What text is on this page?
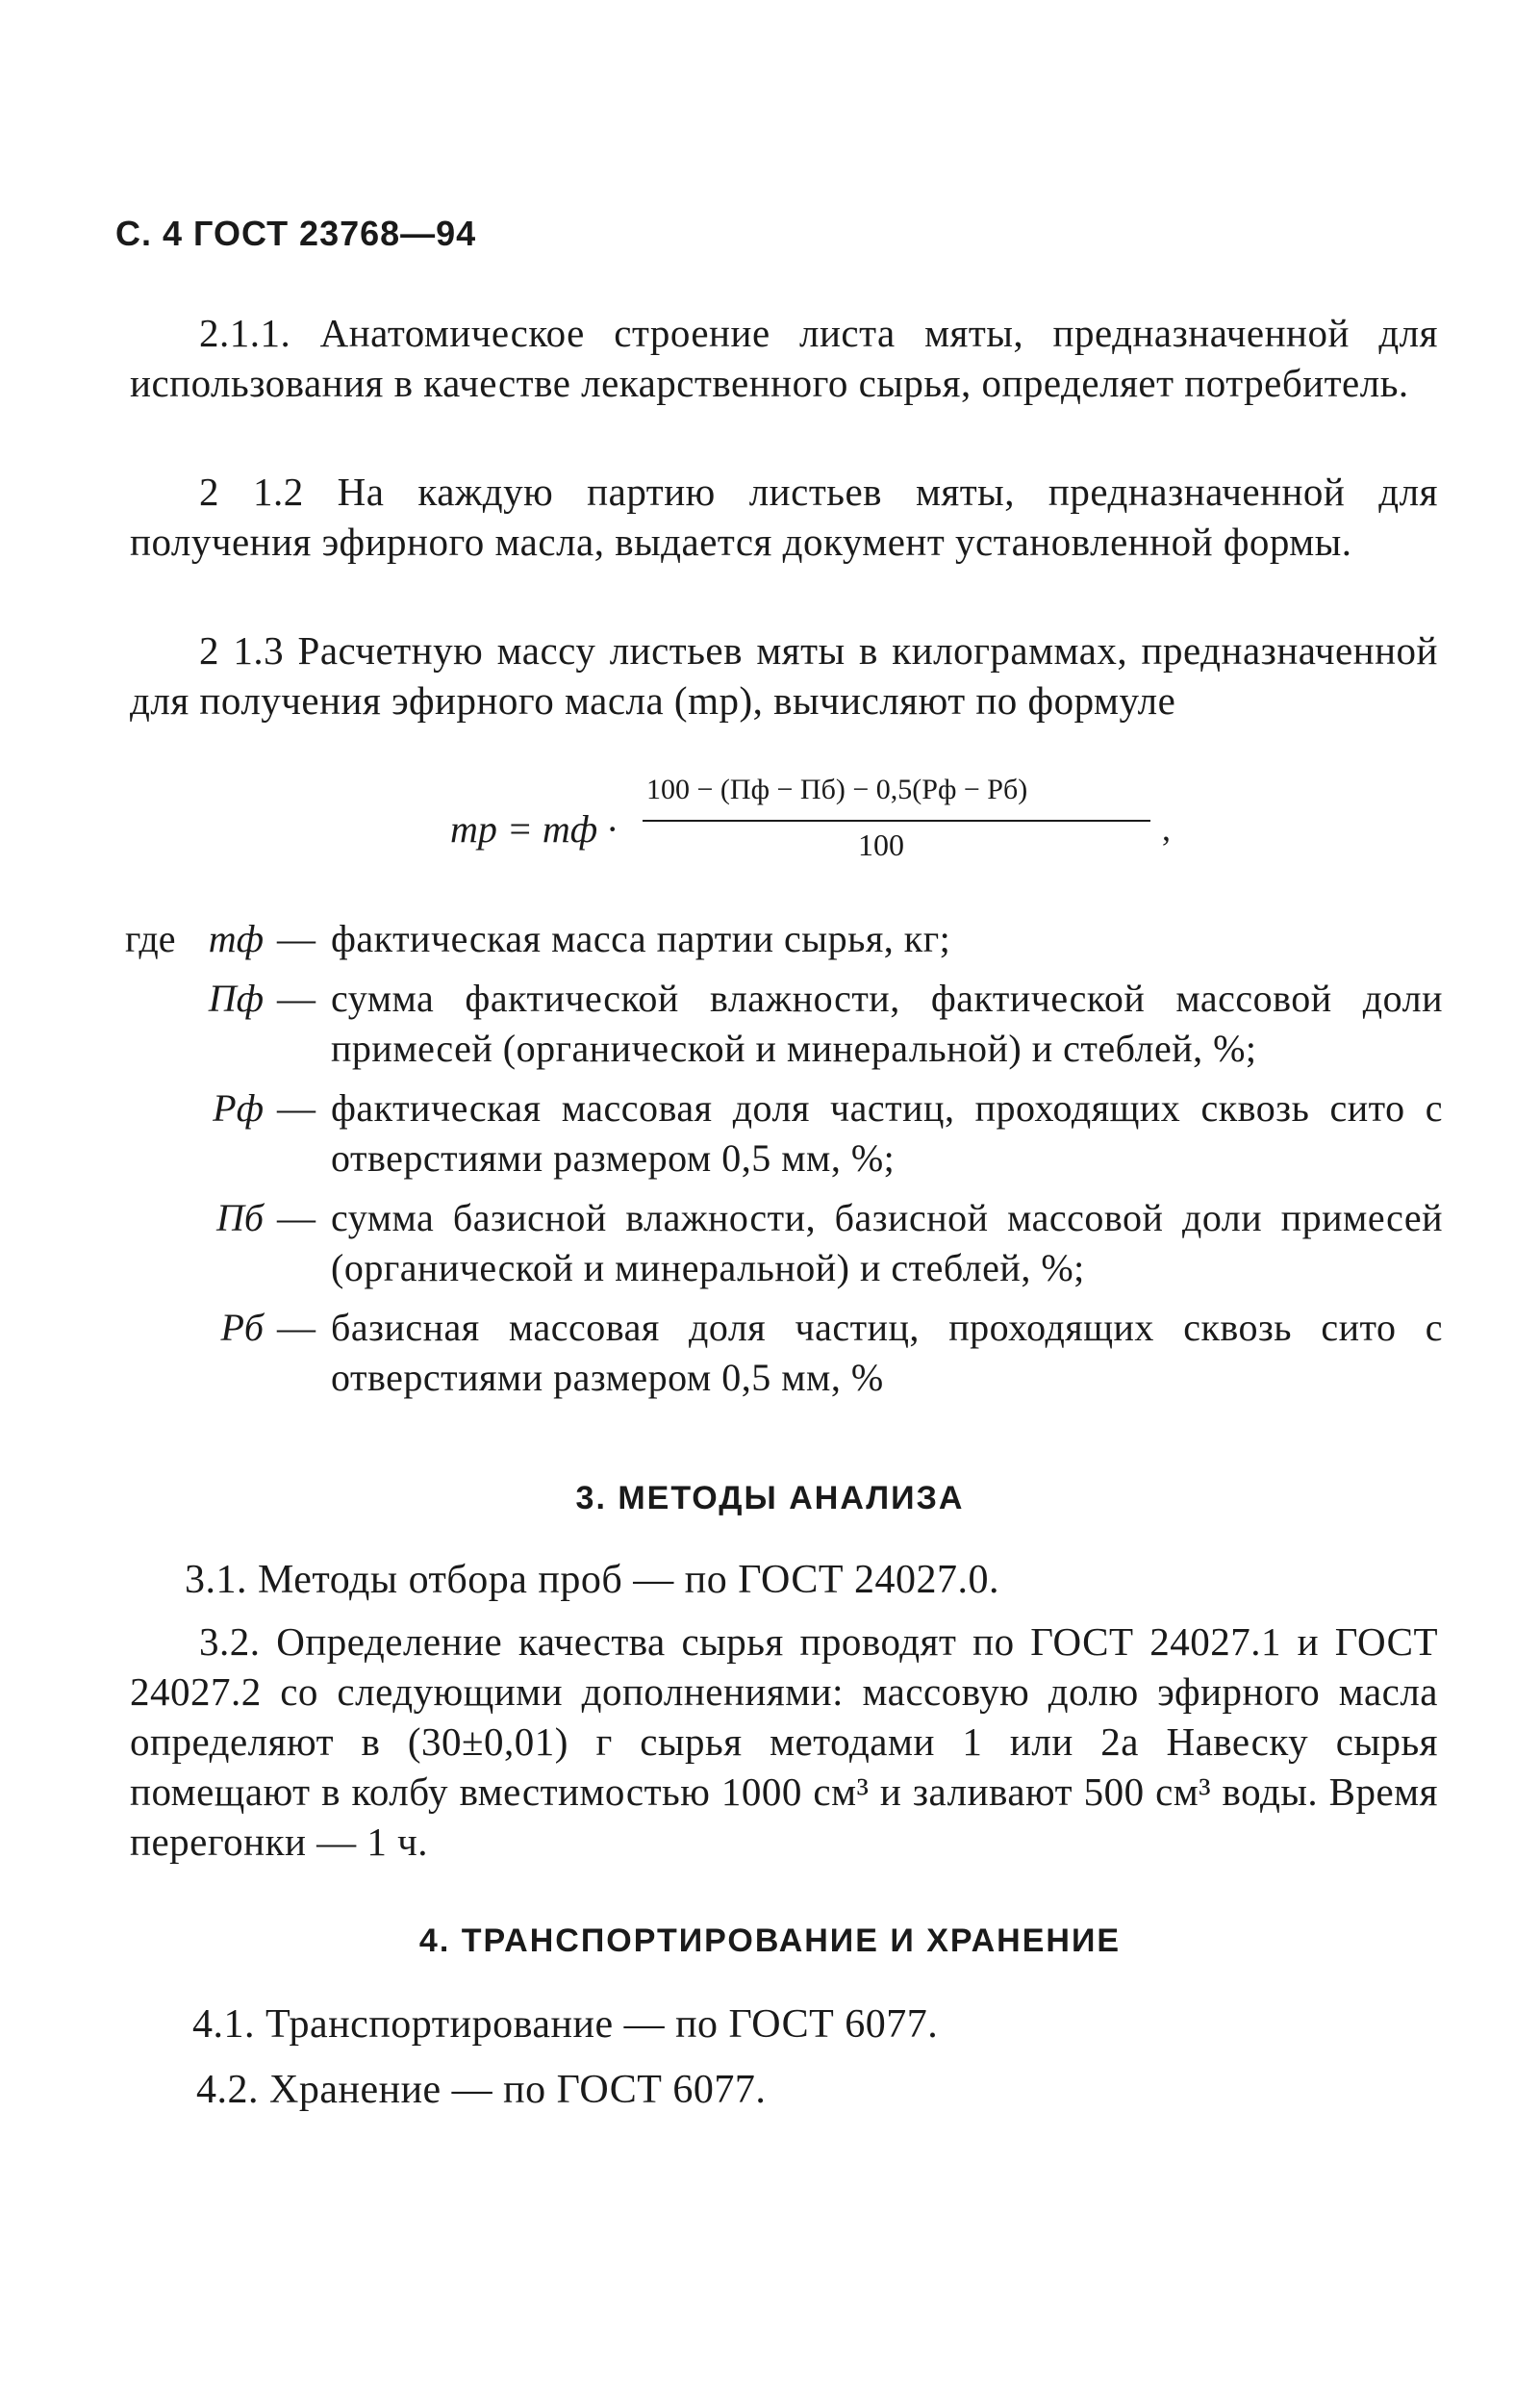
С. 4 ГОСТ 23768—94
2.1.1. Анатомическое строение листа мяты, предназначенной для использования в качестве лекарственного сырья, определяет потребитель.
2 1.2 На каждую партию листьев мяты, предназначенной для получения эфирного масла, выдается документ установленной формы.
2 1.3 Расчетную массу листьев мяты в килограммах, предназначенной для получения эфирного масла (mр), вычисляют по формуле
mр = mф ·
100 − (Пф − Пб) − 0,5(Pф − Pб)
100	,
где mф — фактическая масса партии сырья, кг;
Пф — сумма фактической влажности, фактической массовой доли примесей (органической и минеральной) и стеблей, %;
Pф — фактическая массовая доля частиц, проходящих сквозь сито с отверстиями размером 0,5 мм, %;
Пб — сумма базисной влажности, базисной массовой доли примесей (органической и минеральной) и стеблей, %;
Pб — базисная массовая доля частиц, проходящих сквозь сито с отверстиями размером 0,5 мм, %
3. МЕТОДЫ АНАЛИЗА
3.1. Методы отбора проб — по ГОСТ 24027.0.
3.2. Определение качества сырья проводят по ГОСТ 24027.1 и ГОСТ 24027.2 со следующими дополнениями: массовую долю эфирного масла определяют в (30±0,01) г сырья методами 1 или 2а Навеску сырья помещают в колбу вместимостью 1000 см³ и заливают 500 см³ воды. Время перегонки — 1 ч.
4. ТРАНСПОРТИРОВАНИЕ И ХРАНЕНИЕ
4.1. Транспортирование — по ГОСТ 6077.
4.2. Хранение — по ГОСТ 6077.
